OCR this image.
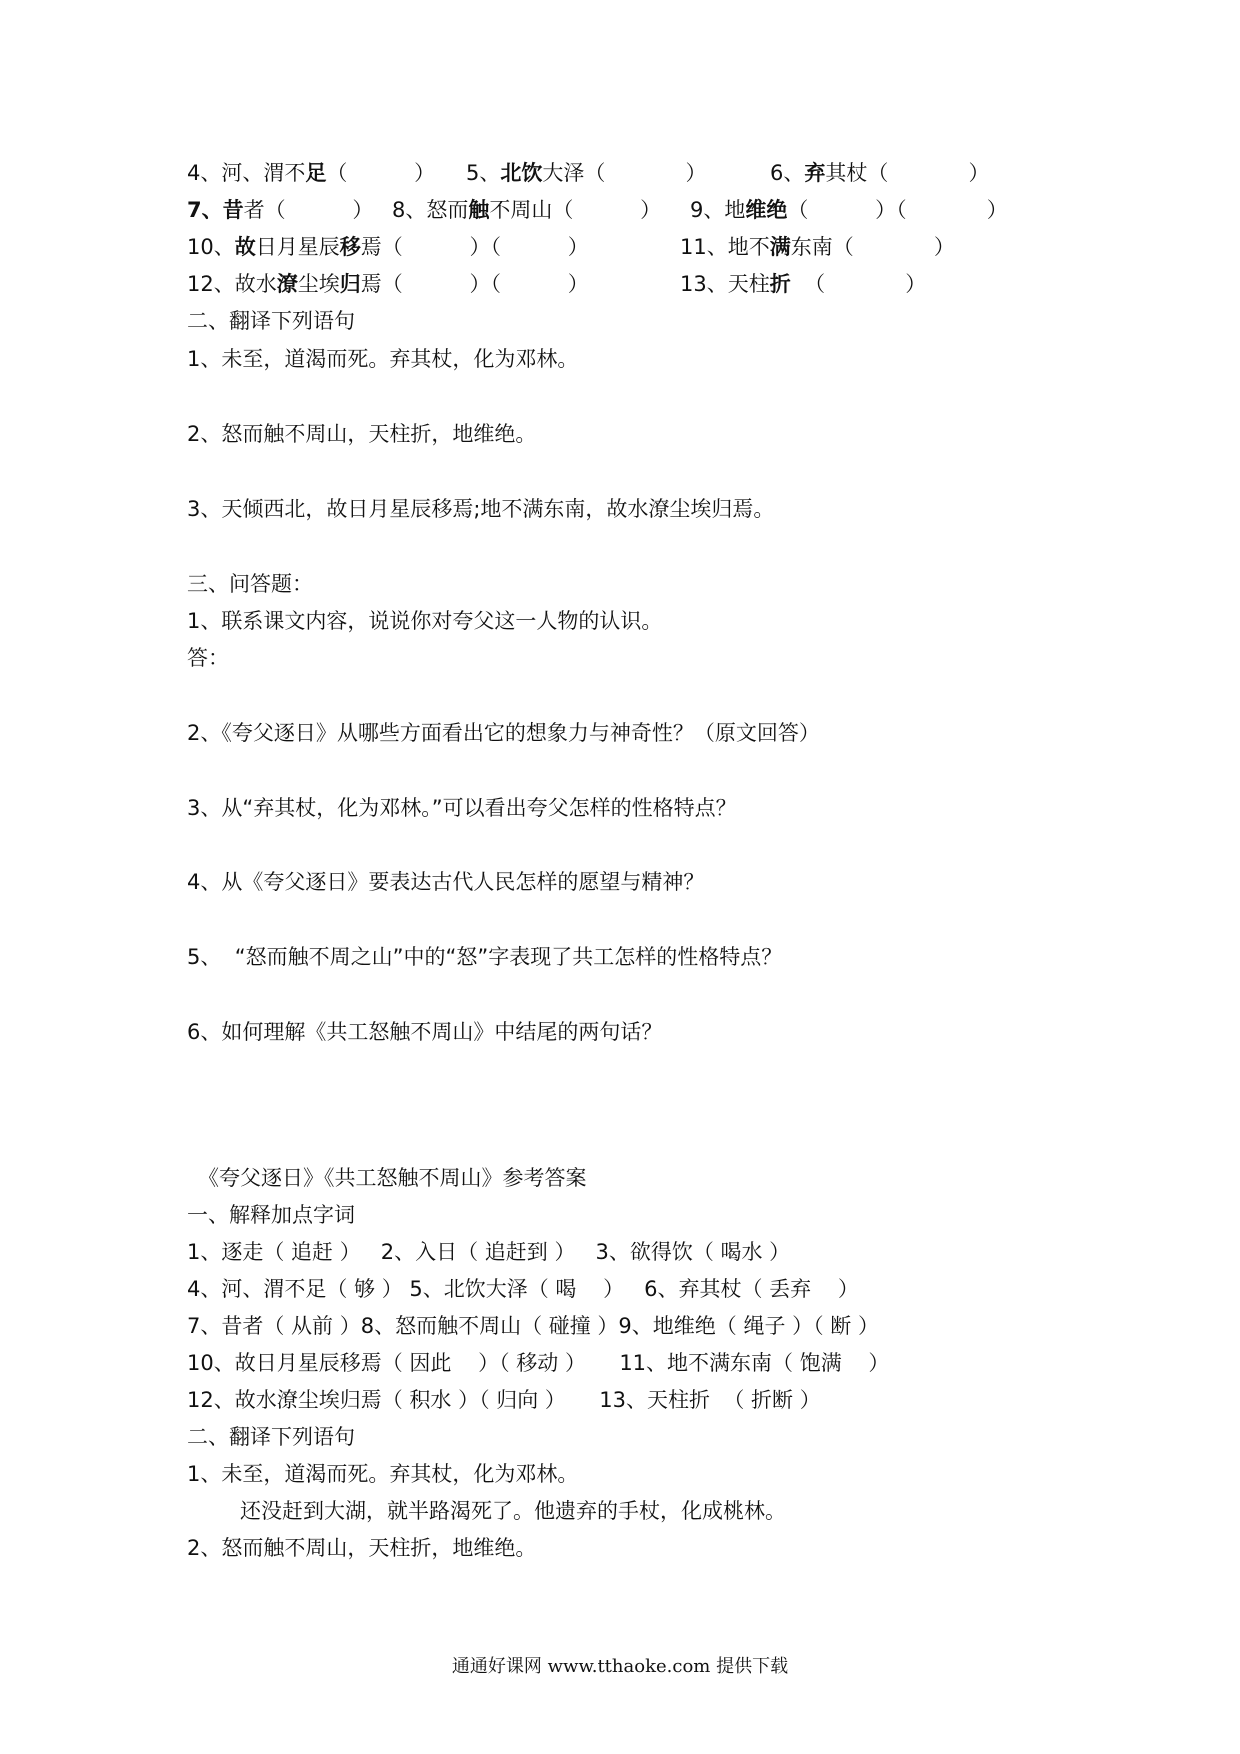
4、河、渭不足（          ） 5、北饮大泽（            ）	6、弃其杖（            ）
7、昔者（          ） 8、怒而触不周山（          ） 9、地维绝（          ）（            ）
10、故日月星辰移焉（          ）（          ）	11、地不满东南（            ）
12、故水潦尘埃归焉（          ）（          ）	13、天柱折  （            ）
二、翻译下列语句
1、未至，道渴而死。弃其杖，化为邓林。
2、怒而触不周山，天柱折，地维绝。
3、天倾西北，故日月星辰移焉;地不满东南，故水潦尘埃归焉。
三、问答题：
1、联系课文内容，说说你对夸父这一人物的认识。
答：
2、《夸父逐日》从哪些方面看出它的想象力与神奇性？（原文回答）
3、从“弃其杖，化为邓林。”可以看出夸父怎样的性格特点？
4、从《夸父逐日》要表达古代人民怎样的愿望与精神？
5、  “怒而触不周之山”中的“怒”字表现了共工怎样的性格特点？
6、如何理解《共工怒触不周山》中结尾的两句话？
《夸父逐日》《共工怒触不周山》参考答案
一、解释加点字词
1、逐走（ 追赶 ）   2、入日（ 追赶到 ）   3、欲得饮（ 喝水 ）
4、河、渭不足（ 够 ） 5、北饮大泽（ 喝    ）   6、弃其杖（ 丢弃    ）
7、昔者（ 从前 ）8、怒而触不周山（ 碰撞 ）9、地维绝（ 绳子 ）（ 断 ）
10、故日月星辰移焉（ 因此    ）（ 移动 ）     11、地不满东南（ 饱满    ）
12、故水潦尘埃归焉（ 积水 ）（ 归向 ）     13、天柱折  （ 折断 ）
二、翻译下列语句
1、未至，道渴而死。弃其杖，化为邓林。
还没赶到大湖，就半路渴死了。他遗弃的手杖，化成桃林。
2、怒而触不周山，天柱折，地维绝。
通通好课网 www.tthaoke.com 提供下载
